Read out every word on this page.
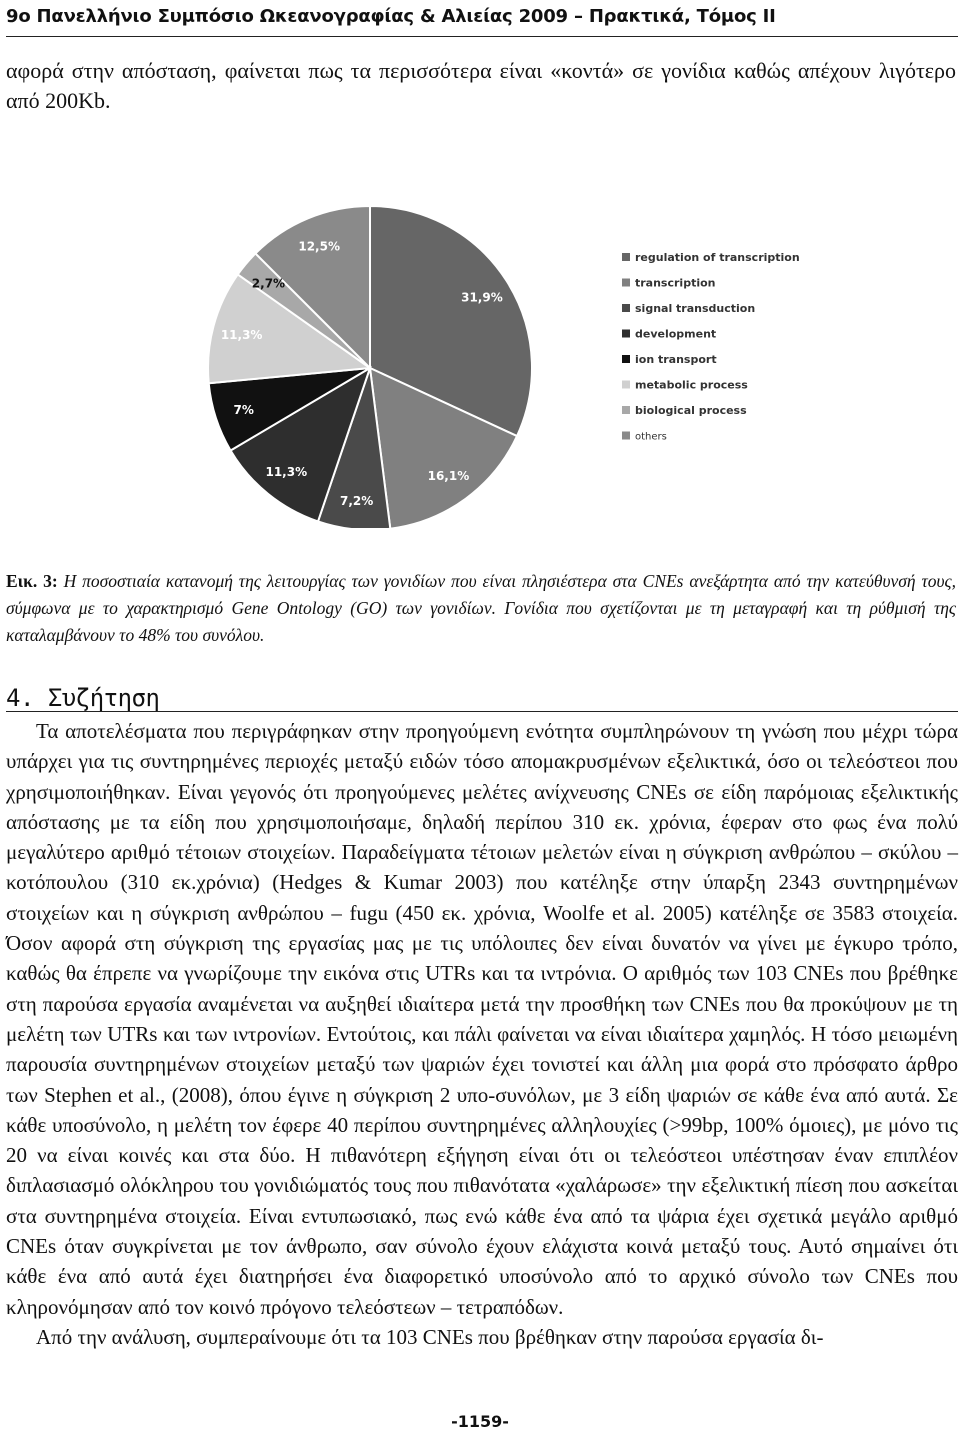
9ο Πανελλήνιο Συμπόσιο Ωκεανογραφίας & Αλιείας 2009 – Πρακτικά, Τόμος ΙΙ

αφορά στην απόσταση, φαίνεται πως τα περισσότερα είναι «κοντά» σε γονίδια καθώς απέχουν λιγότερο από 200Kb.

31,9%
16,1%
7,2%
11,3%
7%
11,3%
2,7%
12,5%
regulation of transcription
transcription
signal transduction
development
ion transport
metabolic process
biological process
others

Εικ. 3: Η ποσοστιαία κατανομή της λειτουργίας των γονιδίων που είναι πλησιέστερα στα CNEs ανεξάρτητα από την κατεύθυνσή τους, σύμφωνα με το χαρακτηρισμό Gene Ontology (GO) των γονιδίων. Γονίδια που σχετίζονται με τη μεταγραφή και τη ρύθμισή της καταλαμβάνουν το 48% του συνόλου.

4. Συζήτηση

Τα αποτελέσματα που περιγράφηκαν στην προηγούμενη ενότητα συμπληρώνουν τη γνώση που μέχρι τώρα υπάρχει για τις συντηρημένες περιοχές μεταξύ ειδών τόσο απομακρυσμένων εξελικτικά, όσο οι τελεόστεοι που χρησιμοποιήθηκαν. Είναι γεγονός ότι προηγούμενες μελέτες ανίχνευσης CNEs σε είδη παρόμοιας εξελικτικής απόστασης με τα είδη που χρησιμοποιήσαμε, δηλαδή περίπου 310 εκ. χρόνια, έφεραν στο φως ένα πολύ μεγαλύτερο αριθμό τέτοιων στοιχείων. Παραδείγματα τέτοιων μελετών είναι η σύγκριση ανθρώπου – σκύλου – κοτόπουλου (310 εκ.χρόνια) (Hedges & Kumar 2003) που κατέληξε στην ύπαρξη 2343 συντηρημένων στοιχείων και η σύγκριση ανθρώπου – fugu (450 εκ. χρόνια, Woolfe et al. 2005) κατέληξε σε 3583 στοιχεία. Όσον αφορά στη σύγκριση της εργασίας μας με τις υπόλοιπες δεν είναι δυνατόν να γίνει με έγκυρο τρόπο, καθώς θα έπρεπε να γνωρίζουμε την εικόνα στις UTRs και τα ιντρόνια. Ο αριθμός των 103 CNEs που βρέθηκε στη παρούσα εργασία αναμένεται να αυξηθεί ιδιαίτερα μετά την προσθήκη των CNEs που θα προκύψουν με τη μελέτη των UTRs και των ιντρονίων. Εντούτοις, και πάλι φαίνεται να είναι ιδιαίτερα χαμηλός. Η τόσο μειωμένη παρουσία συντηρημένων στοιχείων μεταξύ των ψαριών έχει τονιστεί και άλλη μια φορά στο πρόσφατο άρθρο των Stephen et al., (2008), όπου έγινε η σύγκριση 2 υπο-συνόλων, με 3 είδη ψαριών σε κάθε ένα από αυτά. Σε κάθε υποσύνολο, η μελέτη τον έφερε 40 περίπου συντηρημένες αλληλουχίες (>99bp, 100% όμοιες), με μόνο τις 20 να είναι κοινές και στα δύο. Η πιθανότερη εξήγηση είναι ότι οι τελεόστεοι υπέστησαν έναν επιπλέον διπλασιασμό ολόκληρου του γονιδιώματός τους που πιθανότατα «χαλάρωσε» την εξελικτική πίεση που ασκείται στα συντηρημένα στοιχεία. Είναι εντυπωσιακό, πως ενώ κάθε ένα από τα ψάρια έχει σχετικά μεγάλο αριθμό CNEs όταν συγκρίνεται με τον άνθρωπο, σαν σύνολο έχουν ελάχιστα κοινά μεταξύ τους. Αυτό σημαίνει ότι κάθε ένα από αυτά έχει διατηρήσει ένα διαφορετικό υποσύνολο από το αρχικό σύνολο των CNEs που κληρονόμησαν από τον κοινό πρόγονο τελεόστεων – τετραπόδων.

Από την ανάλυση, συμπεραίνουμε ότι τα 103 CNEs που βρέθηκαν στην παρούσα εργασία δι-

-1159-
